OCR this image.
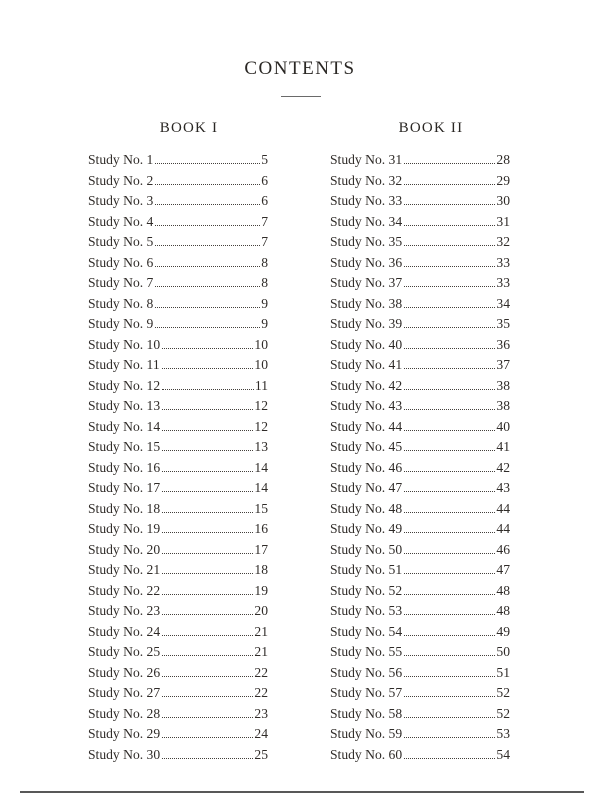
CONTENTS
BOOK I
Study No. 1	5
Study No. 2	6
Study No. 3	6
Study No. 4	7
Study No. 5	7
Study No. 6	8
Study No. 7	8
Study No. 8	9
Study No. 9	9
Study No. 10	10
Study No. 11	10
Study No. 12	11
Study No. 13	12
Study No. 14	12
Study No. 15	13
Study No. 16	14
Study No. 17	14
Study No. 18	15
Study No. 19	16
Study No. 20	17
Study No. 21	18
Study No. 22	19
Study No. 23	20
Study No. 24	21
Study No. 25	21
Study No. 26	22
Study No. 27	22
Study No. 28	23
Study No. 29	24
Study No. 30	25
BOOK II
Study No. 31	28
Study No. 32	29
Study No. 33	30
Study No. 34	31
Study No. 35	32
Study No. 36	33
Study No. 37	33
Study No. 38	34
Study No. 39	35
Study No. 40	36
Study No. 41	37
Study No. 42	38
Study No. 43	38
Study No. 44	40
Study No. 45	41
Study No. 46	42
Study No. 47	43
Study No. 48	44
Study No. 49	44
Study No. 50	46
Study No. 51	47
Study No. 52	48
Study No. 53	48
Study No. 54	49
Study No. 55	50
Study No. 56	51
Study No. 57	52
Study No. 58	52
Study No. 59	53
Study No. 60	54
